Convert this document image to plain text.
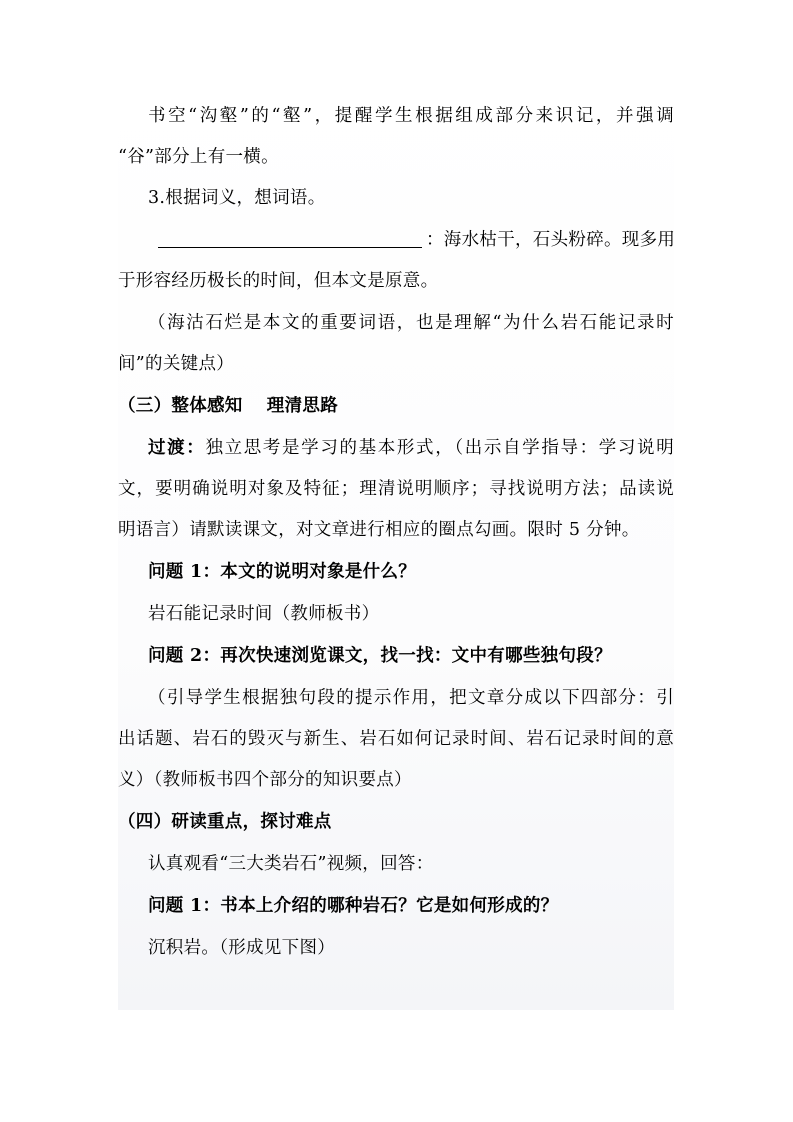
书空“沟壑”的“壑”，提醒学生根据组成部分来识记，并强调
“谷”部分上有一横。
3.根据词义，想词语。
：海水枯干，石头粉碎。现多用
于形容经历极长的时间，但本文是原意。
（海沽石烂是本文的重要词语，也是理解“为什么岩石能记录时
间”的关键点）
（三）整体感知　 理清思路
过渡：独立思考是学习的基本形式，（出示自学指导：学习说明
文，要明确说明对象及特征；理清说明顺序；寻找说明方法；品读说
明语言）请默读课文，对文章进行相应的圈点勾画。限时 5 分钟。
问题 1：本文的说明对象是什么？
岩石能记录时间（教师板书）
问题 2：再次快速浏览课文，找一找：文中有哪些独句段？
（引导学生根据独句段的提示作用，把文章分成以下四部分：引
出话题、岩石的毁灭与新生、岩石如何记录时间、岩石记录时间的意
义）（教师板书四个部分的知识要点）
（四）研读重点，探讨难点
认真观看“三大类岩石”视频，回答：
问题 1：书本上介绍的哪种岩石？它是如何形成的？
沉积岩。（形成见下图）
